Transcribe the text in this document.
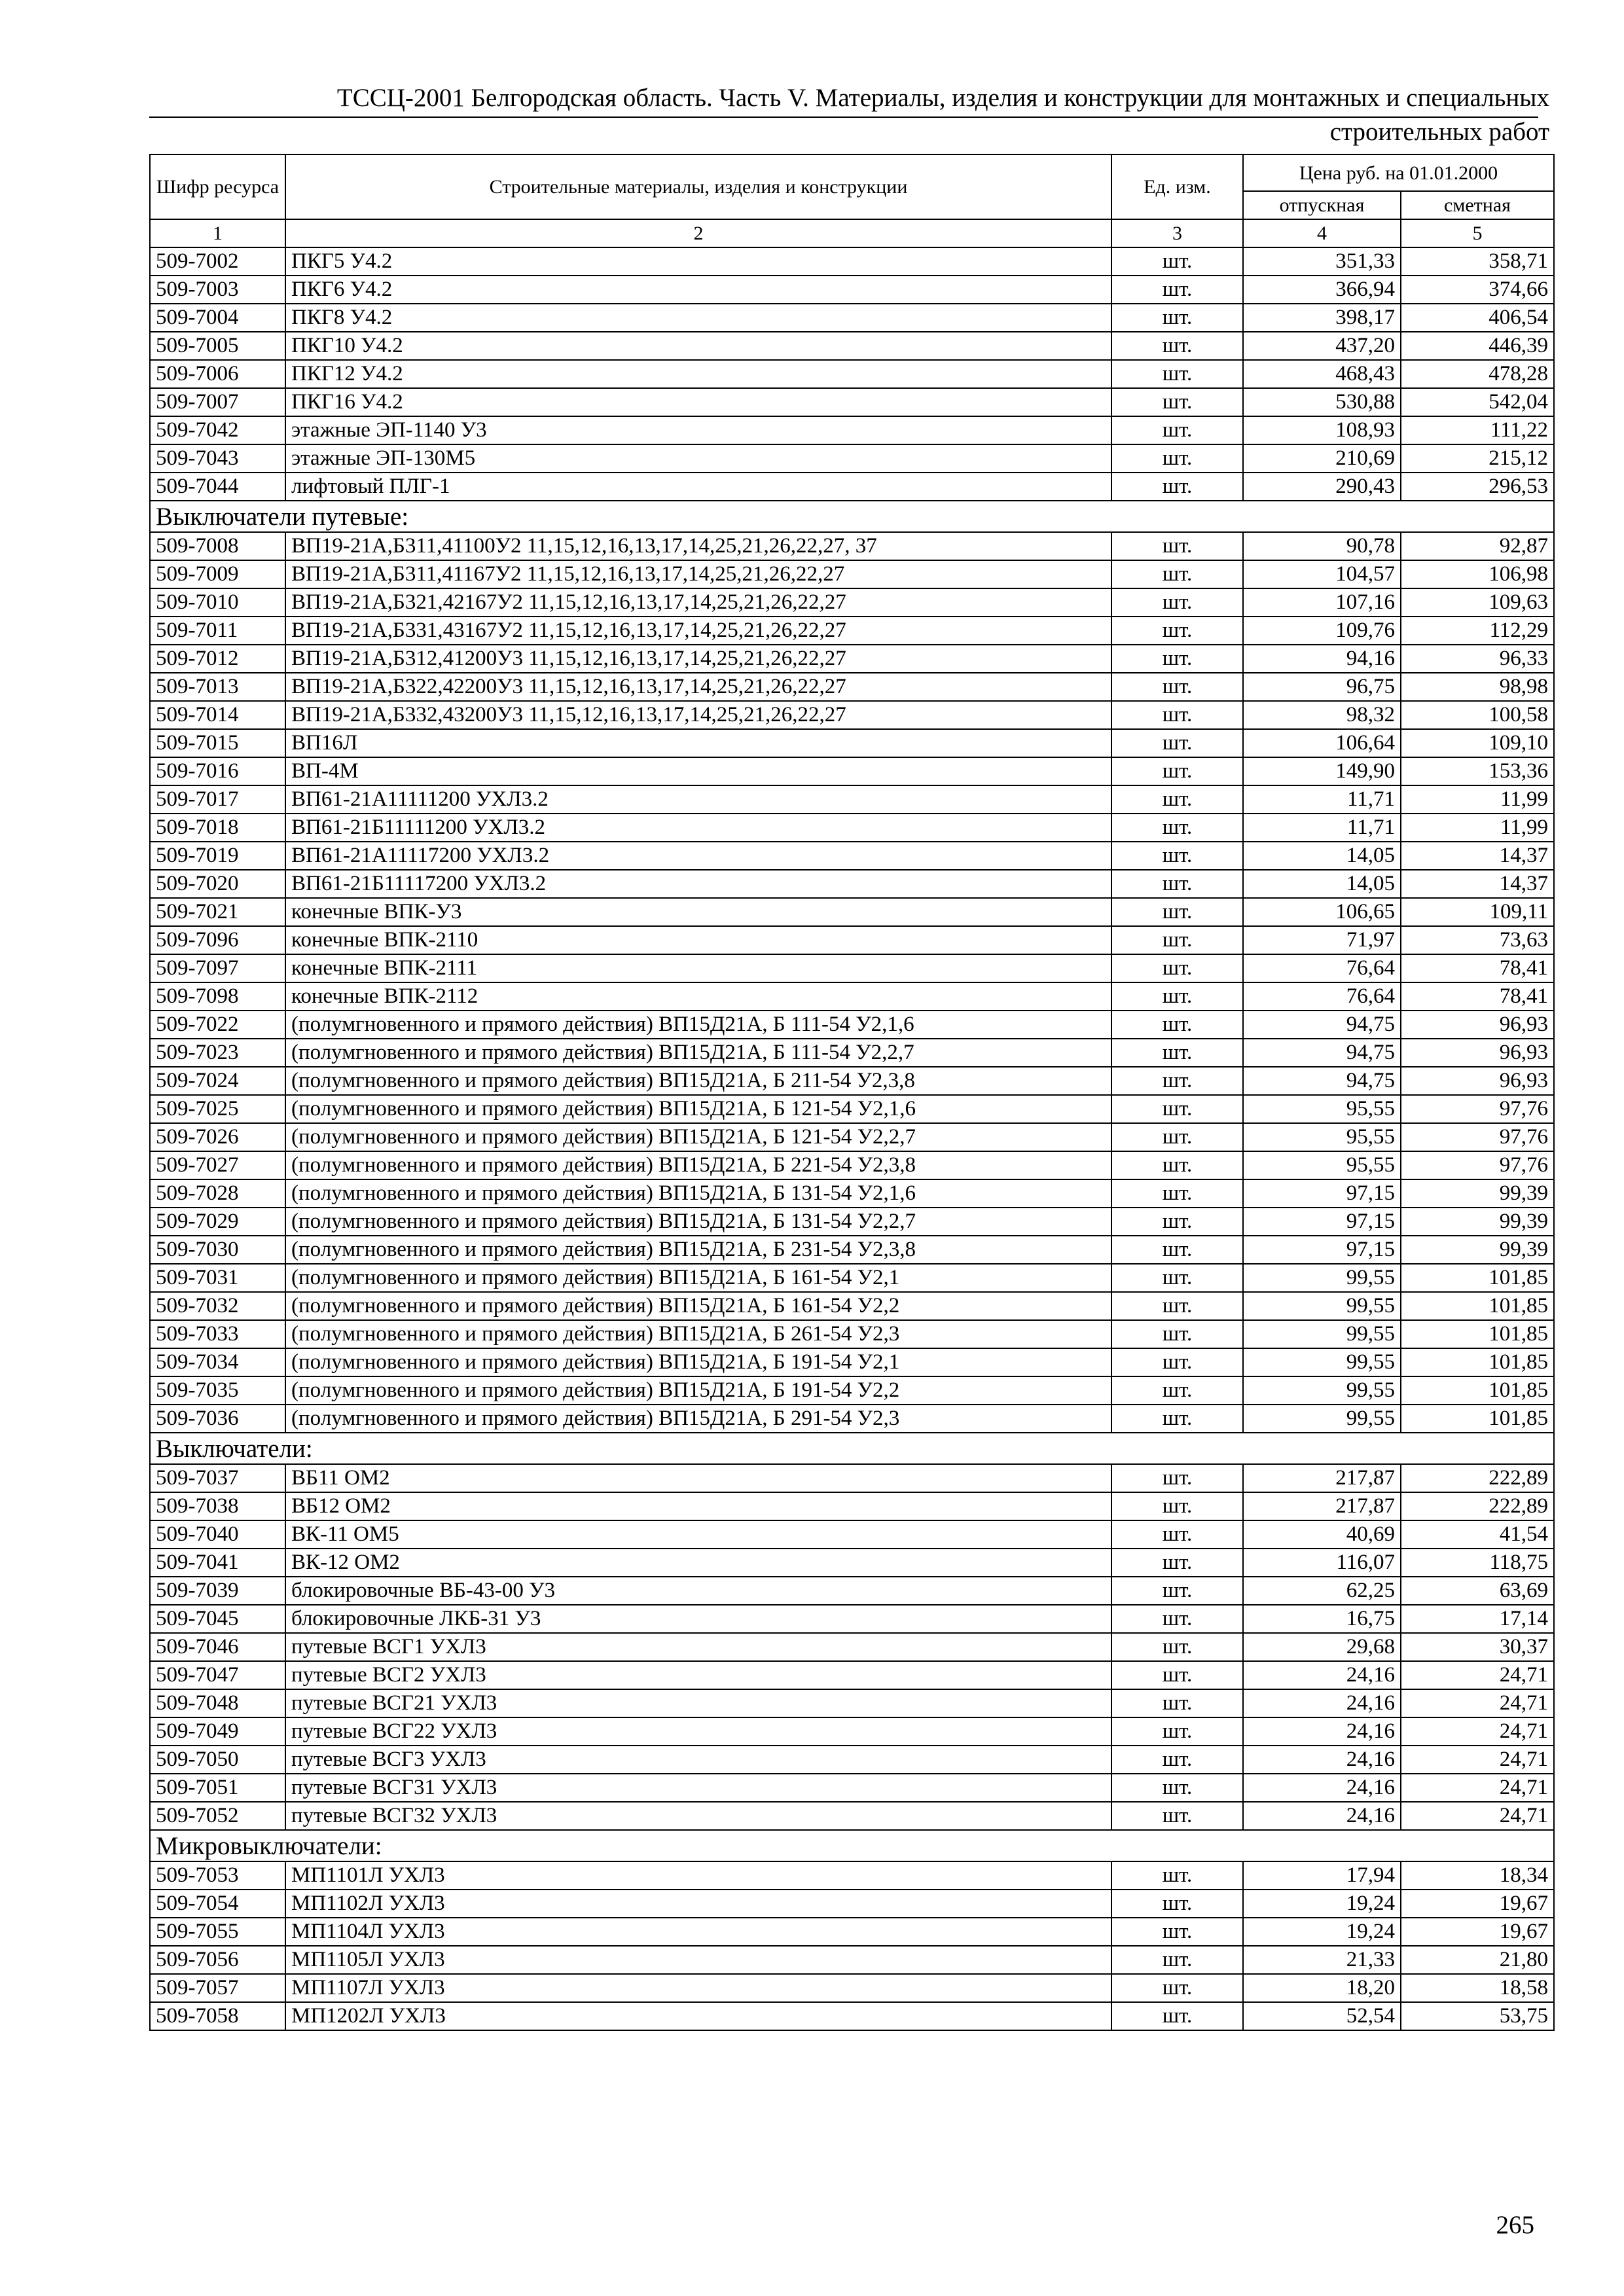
ТССЦ-2001 Белгородская область. Часть V. Материалы, изделия и конструкции для монтажных и специальных
строительных работ
Шифр ресурса	Строительные материалы, изделия и конструкции	Ед. изм.	Цена руб. на 01.01.2000	
			отпускная	сметная
1	2	3	4	5
509-7002	ПКГ5 У4.2	шт.	351,33	358,71
509-7003	ПКГ6 У4.2	шт.	366,94	374,66
509-7004	ПКГ8 У4.2	шт.	398,17	406,54
509-7005	ПКГ10 У4.2	шт.	437,20	446,39
509-7006	ПКГ12 У4.2	шт.	468,43	478,28
509-7007	ПКГ16 У4.2	шт.	530,88	542,04
509-7042	этажные ЭП-1140 У3	шт.	108,93	111,22
509-7043	этажные ЭП-130М5	шт.	210,69	215,12
509-7044	лифтовый ПЛГ-1	шт.	290,43	296,53
Выключатели путевые:				
509-7008	ВП19-21А,Б311,41100У2 11,15,12,16,13,17,14,25,21,26,22,27, 37	шт.	90,78	92,87
509-7009	ВП19-21А,Б311,41167У2 11,15,12,16,13,17,14,25,21,26,22,27	шт.	104,57	106,98
509-7010	ВП19-21А,Б321,42167У2 11,15,12,16,13,17,14,25,21,26,22,27	шт.	107,16	109,63
509-7011	ВП19-21А,Б331,43167У2 11,15,12,16,13,17,14,25,21,26,22,27	шт.	109,76	112,29
509-7012	ВП19-21А,Б312,41200У3 11,15,12,16,13,17,14,25,21,26,22,27	шт.	94,16	96,33
509-7013	ВП19-21А,Б322,42200У3 11,15,12,16,13,17,14,25,21,26,22,27	шт.	96,75	98,98
509-7014	ВП19-21А,Б332,43200У3 11,15,12,16,13,17,14,25,21,26,22,27	шт.	98,32	100,58
509-7015	ВП16Л	шт.	106,64	109,10
509-7016	ВП-4М	шт.	149,90	153,36
509-7017	ВП61-21А11111200 УХЛ3.2	шт.	11,71	11,99
509-7018	ВП61-21Б11111200 УХЛ3.2	шт.	11,71	11,99
509-7019	ВП61-21А11117200 УХЛ3.2	шт.	14,05	14,37
509-7020	ВП61-21Б11117200 УХЛ3.2	шт.	14,05	14,37
509-7021	конечные ВПК-У3	шт.	106,65	109,11
509-7096	конечные ВПК-2110	шт.	71,97	73,63
509-7097	конечные ВПК-2111	шт.	76,64	78,41
509-7098	конечные ВПК-2112	шт.	76,64	78,41
509-7022	(полумгновенного и прямого действия) ВП15Д21А, Б 111-54 У2,1,6	шт.	94,75	96,93
509-7023	(полумгновенного и прямого действия) ВП15Д21А, Б 111-54 У2,2,7	шт.	94,75	96,93
509-7024	(полумгновенного и прямого действия) ВП15Д21А, Б 211-54 У2,3,8	шт.	94,75	96,93
509-7025	(полумгновенного и прямого действия) ВП15Д21А, Б 121-54 У2,1,6	шт.	95,55	97,76
509-7026	(полумгновенного и прямого действия) ВП15Д21А, Б 121-54 У2,2,7	шт.	95,55	97,76
509-7027	(полумгновенного и прямого действия) ВП15Д21А, Б 221-54 У2,3,8	шт.	95,55	97,76
509-7028	(полумгновенного и прямого действия) ВП15Д21А, Б 131-54 У2,1,6	шт.	97,15	99,39
509-7029	(полумгновенного и прямого действия) ВП15Д21А, Б 131-54 У2,2,7	шт.	97,15	99,39
509-7030	(полумгновенного и прямого действия) ВП15Д21А, Б 231-54 У2,3,8	шт.	97,15	99,39
509-7031	(полумгновенного и прямого действия) ВП15Д21А, Б 161-54 У2,1	шт.	99,55	101,85
509-7032	(полумгновенного и прямого действия) ВП15Д21А, Б 161-54 У2,2	шт.	99,55	101,85
509-7033	(полумгновенного и прямого действия) ВП15Д21А, Б 261-54 У2,3	шт.	99,55	101,85
509-7034	(полумгновенного и прямого действия) ВП15Д21А, Б 191-54 У2,1	шт.	99,55	101,85
509-7035	(полумгновенного и прямого действия) ВП15Д21А, Б 191-54 У2,2	шт.	99,55	101,85
509-7036	(полумгновенного и прямого действия) ВП15Д21А, Б 291-54 У2,3	шт.	99,55	101,85
Выключатели:				
509-7037	ВБ11 ОМ2	шт.	217,87	222,89
509-7038	ВБ12 ОМ2	шт.	217,87	222,89
509-7040	ВК-11 ОМ5	шт.	40,69	41,54
509-7041	ВК-12 ОМ2	шт.	116,07	118,75
509-7039	блокировочные ВБ-43-00 У3	шт.	62,25	63,69
509-7045	блокировочные ЛКБ-31 У3	шт.	16,75	17,14
509-7046	путевые ВСГ1 УХЛ3	шт.	29,68	30,37
509-7047	путевые ВСГ2 УХЛ3	шт.	24,16	24,71
509-7048	путевые ВСГ21 УХЛ3	шт.	24,16	24,71
509-7049	путевые ВСГ22 УХЛ3	шт.	24,16	24,71
509-7050	путевые ВСГ3 УХЛ3	шт.	24,16	24,71
509-7051	путевые ВСГ31 УХЛ3	шт.	24,16	24,71
509-7052	путевые ВСГ32 УХЛ3	шт.	24,16	24,71
Микровыключатели:				
509-7053	МП1101Л УХЛ3	шт.	17,94	18,34
509-7054	МП1102Л УХЛ3	шт.	19,24	19,67
509-7055	МП1104Л УХЛ3	шт.	19,24	19,67
509-7056	МП1105Л УХЛ3	шт.	21,33	21,80
509-7057	МП1107Л УХЛ3	шт.	18,20	18,58
509-7058	МП1202Л УХЛ3	шт.	52,54	53,75
265
